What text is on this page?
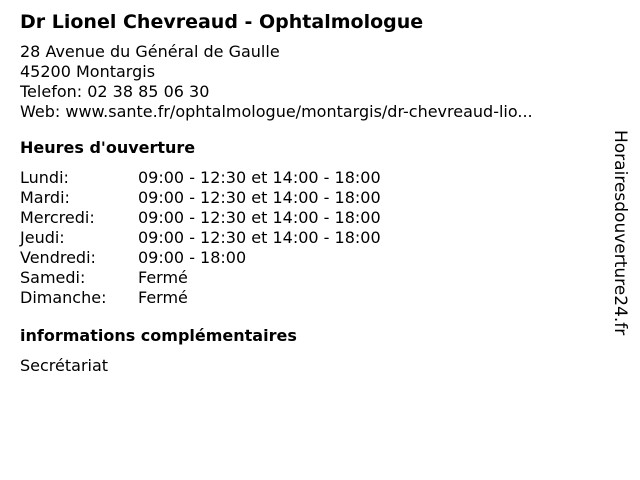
Dr Lionel Chevreaud - Ophtalmologue
28 Avenue du Général de Gaulle
45200 Montargis
Telefon: 02 38 85 06 30
Web: www.sante.fr/ophtalmologue/montargis/dr-chevreaud-lio...
Heures d'ouverture
Lundi:	09:00 - 12:30 et 14:00 - 18:00
Mardi:	09:00 - 12:30 et 14:00 - 18:00
Mercredi:	09:00 - 12:30 et 14:00 - 18:00
Jeudi:	09:00 - 12:30 et 14:00 - 18:00
Vendredi:	09:00 - 18:00
Samedi:	Fermé
Dimanche:	Fermé
informations complémentaires
Secrétariat
Horairesdouverture24.fr
